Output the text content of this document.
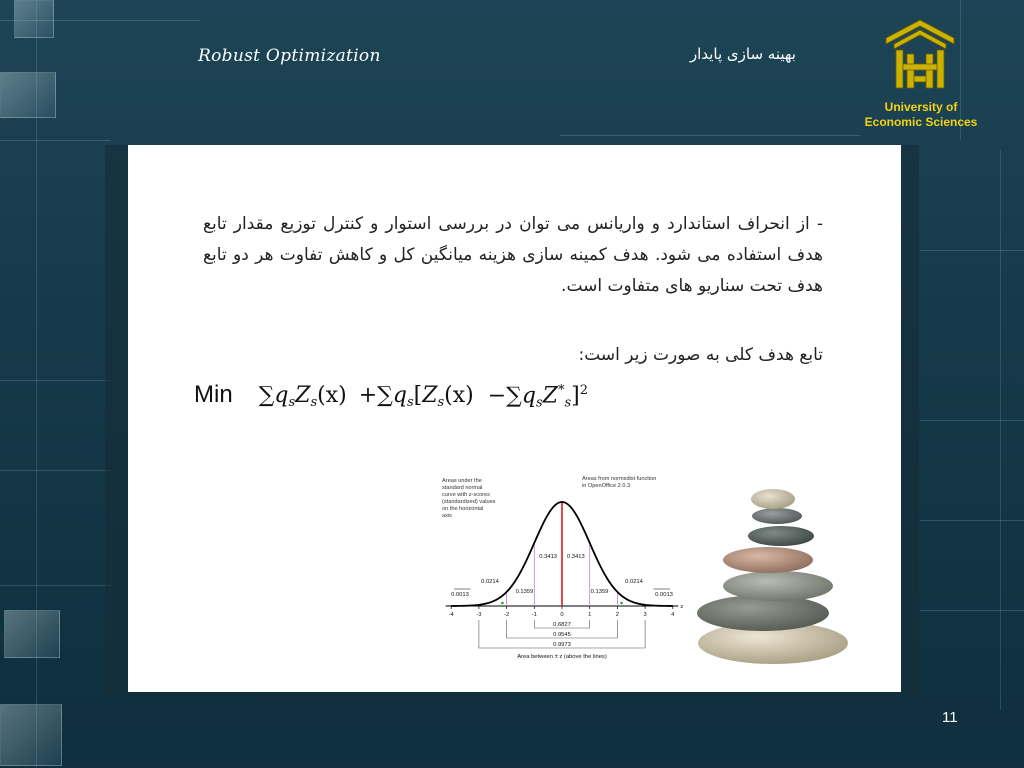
Robust Optimization	بهینه سازی پایدار
University of
Economic Sciences

- از انحراف استاندارد و واریانس می توان در بررسی استوار و کنترل توزیع مقدار تابع هدف استفاده می شود. هدف کمینه سازی هزینه میانگین کل و کاهش تفاوت هر دو تابع هدف تحت سناریو های متفاوت است.

تابع هدف کلی به صورت زیر است:

Min $\sum q_sZ_s(x) +\sum q_s[Z_s(x) -\sum q_sZ^*_s]^2$
Areas under the
standard normal
curve with z-scores
(standardized) values
on the horizontal
axis
Areas from normsdist function
in OpenOffice 2.0.3
-4	-3	-2	-1	0	1	2	3	4
z
0.3413 0.3413
0.1359	0.1359
0.0214	0.0214
0.0013	0.0013
0.6827
0.9545
0.9973
Area between ± z (above the lines)
11
